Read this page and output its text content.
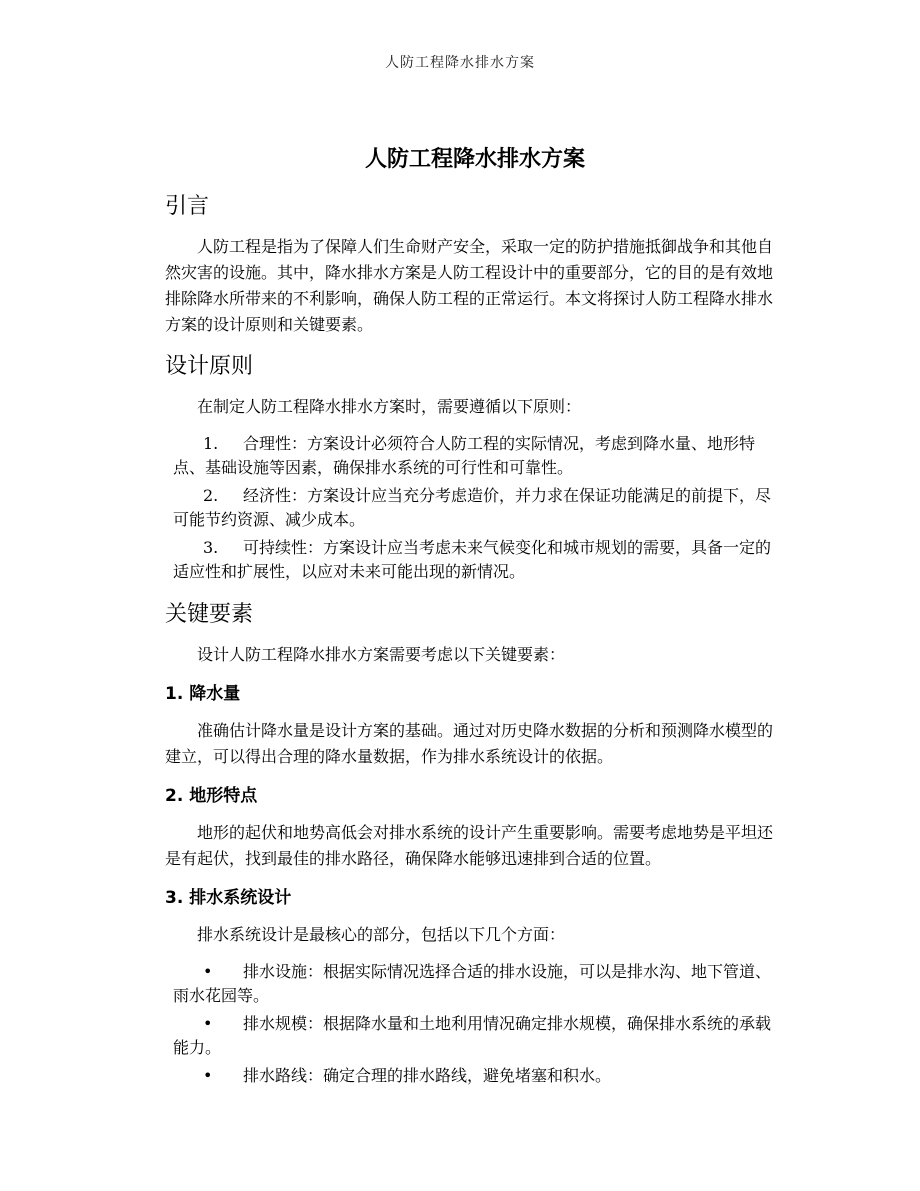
人防工程降水排水方案
人防工程降水排水方案
引言

人防工程是指为了保障人们生命财产安全，采取一定的防护措施抵御战争和其他自然灾害的设施。其中，降水排水方案是人防工程设计中的重要部分，它的目的是有效地排除降水所带来的不利影响，确保人防工程的正常运行。本文将探讨人防工程降水排水方案的设计原则和关键要素。

设计原则

在制定人防工程降水排水方案时，需要遵循以下原则：

1. 合理性：方案设计必须符合人防工程的实际情况，考虑到降水量、地形特点、基础设施等因素，确保排水系统的可行性和可靠性。
2. 经济性：方案设计应当充分考虑造价，并力求在保证功能满足的前提下，尽可能节约资源、减少成本。
3. 可持续性：方案设计应当考虑未来气候变化和城市规划的需要，具备一定的适应性和扩展性，以应对未来可能出现的新情况。
关键要素

设计人防工程降水排水方案需要考虑以下关键要素：

1. 降水量

准确估计降水量是设计方案的基础。通过对历史降水数据的分析和预测降水模型的建立，可以得出合理的降水量数据，作为排水系统设计的依据。

2. 地形特点

地形的起伏和地势高低会对排水系统的设计产生重要影响。需要考虑地势是平坦还是有起伏，找到最佳的排水路径，确保降水能够迅速排到合适的位置。

3. 排水系统设计

排水系统设计是最核心的部分，包括以下几个方面：

• 排水设施：根据实际情况选择合适的排水设施，可以是排水沟、地下管道、雨水花园等。
• 排水规模：根据降水量和土地利用情况确定排水规模，确保排水系统的承载能力。
• 排水路线：确定合理的排水路线，避免堵塞和积水。
